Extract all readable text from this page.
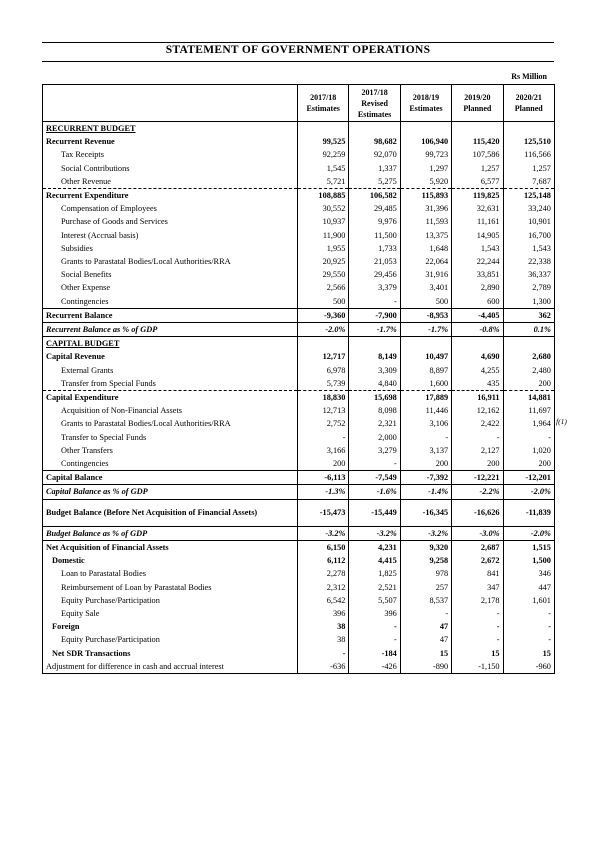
STATEMENT OF GOVERNMENT OPERATIONS
Rs Million
	2017/18 Estimates	2017/18 Revised Estimates	2018/19 Estimates	2019/20 Planned	2020/21 Planned
RECURRENT BUDGET					
Recurrent Revenue	99,525	98,682	106,940	115,420	125,510
Tax Receipts	92,259	92,070	99,723	107,586	116,566
Social Contributions	1,545	1,337	1,297	1,257	1,257
Other Revenue	5,721	5,275	5,920	6,577	7,687
Recurrent Expenditure	108,885	106,582	115,893	119,825	125,148
Compensation of Employees	30,552	29,485	31,396	32,631	33,240
Purchase of Goods and Services	10,937	9,976	11,593	11,161	10,901
Interest (Accrual basis)	11,900	11,500	13,375	14,905	16,700
Subsidies	1,955	1,733	1,648	1,543	1,543
Grants to Parastatal Bodies/Local Authorities/RRA	20,925	21,053	22,064	22,244	22,338
Social Benefits	29,550	29,456	31,916	33,851	36,337
Other Expense	2,566	3,379	3,401	2,890	2,789
Contingencies	500	-	500	600	1,300
Recurrent Balance	-9,360	-7,900	-8,953	-4,405	362
Recurrent Balance as % of GDP	-2.0%	-1.7%	-1.7%	-0.8%	0.1%
CAPITAL BUDGET					
Capital Revenue	12,717	8,149	10,497	4,690	2,680
External Grants	6,978	3,309	8,897	4,255	2,480
Transfer from Special Funds	5,739	4,840	1,600	435	200
Capital Expenditure	18,830	15,698	17,889	16,911	14,881
Acquisition of Non-Financial Assets	12,713	8,098	11,446	12,162	11,697
Grants to Parastatal Bodies/Local Authorities/RRA	2,752	2,321	3,106	2,422	1,964
Transfer to Special Funds	-	2,000	-	-	-
Other Transfers	3,166	3,279	3,137	2,127	1,020
Contingencies	200	-	200	200	200
Capital Balance	-6,113	-7,549	-7,392	-12,221	-12,201
Capital Balance as % of GDP	-1.3%	-1.6%	-1.4%	-2.2%	-2.0%
Budget Balance (Before Net Acquisition of Financial Assets)	-15,473	-15,449	-16,345	-16,626	-11,839
Budget Balance as % of GDP	-3.2%	-3.2%	-3.2%	-3.0%	-2.0%
Net Acquisition of Financial Assets	6,150	4,231	9,320	2,687	1,515
Domestic	6,112	4,415	9,258	2,672	1,500
Loan to Parastatal Bodies	2,278	1,825	978	841	346
Reimbursement of Loan by Parastatal Bodies	2,312	2,521	257	347	447
Equity Purchase/Participation	6,542	5,507	8,537	2,178	1,601
Equity Sale	396	396	-	-	-
Foreign	38	-	47	-	-
Equity Purchase/Participation	38	-	47	-	-
Net SDR Transactions	-	-184	15	15	15
Adjustment for difference in cash and accrual interest	-636	-426	-890	-1,150	-960
f(1)
